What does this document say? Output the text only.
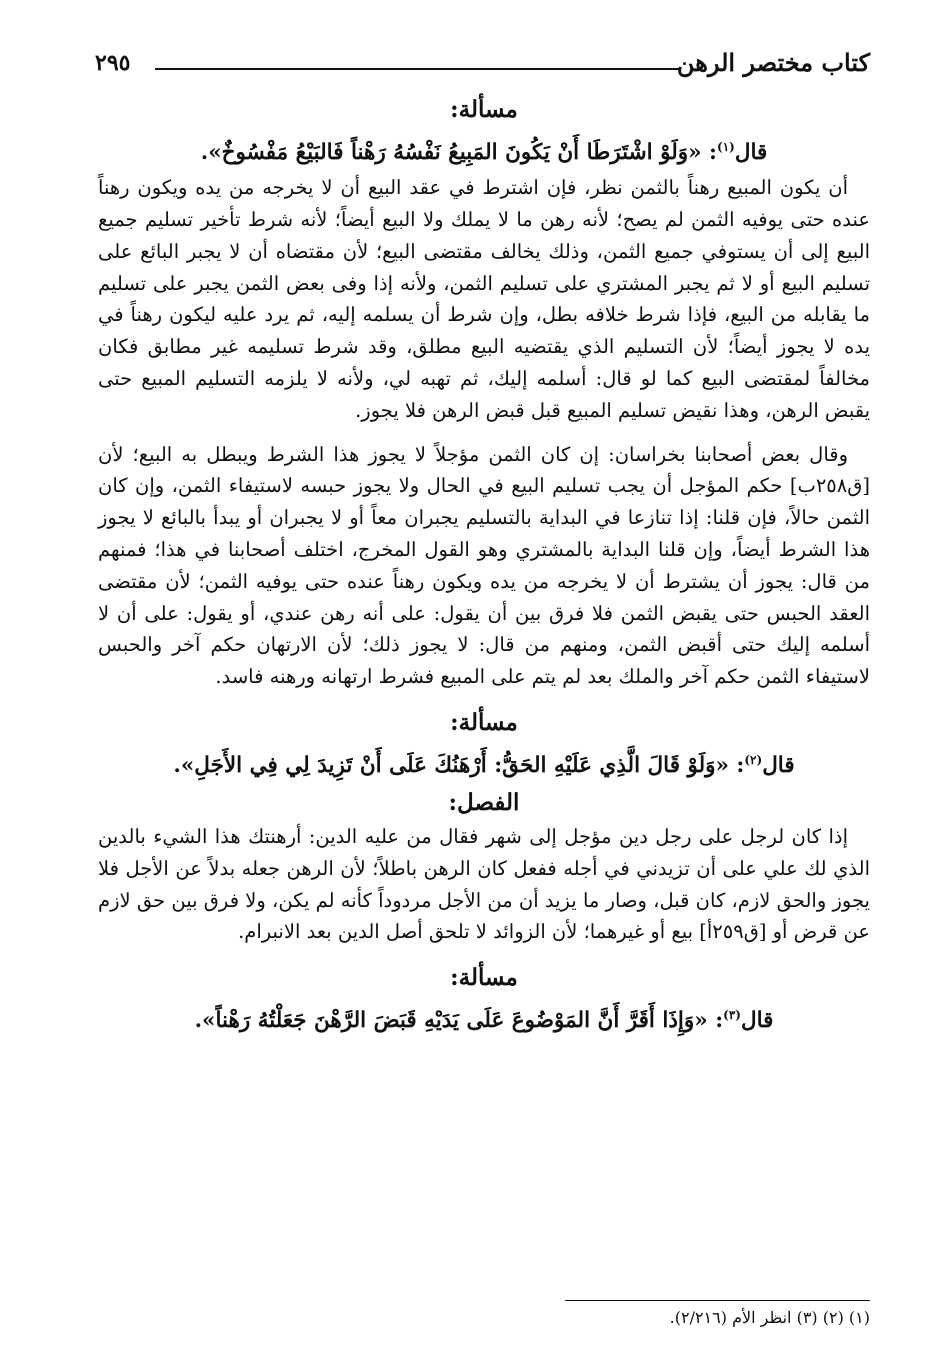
كتاب مختصر الرهن
٢٩٥
مسألة:
قال$^{(١)}$: «وَلَوْ اشْتَرَطَا أَنْ يَكُونَ المَبِيعُ نَفْسُهُ رَهْناً فَالبَيْعُ مَفْسُوخٌ».

أن يكون المبيع رهناً بالثمن نظر، فإن اشترط في عقد البيع أن لا يخرجه من يده ويكون رهناً عنده حتى يوفيه الثمن لم يصح؛ لأنه رهن ما لا يملك ولا البيع أيضاً؛ لأنه شرط تأخير تسليم جميع البيع إلى أن يستوفي جميع الثمن، وذلك يخالف مقتضى البيع؛ لأن مقتضاه أن لا يجبر البائع على تسليم البيع أو لا ثم يجبر المشتري على تسليم الثمن، ولأنه إذا وفى بعض الثمن يجبر على تسليم ما يقابله من البيع، فإذا شرط خلافه بطل، وإن شرط أن يسلمه إليه، ثم يرد عليه ليكون رهناً في يده لا يجوز أيضاً؛ لأن التسليم الذي يقتضيه البيع مطلق، وقد شرط تسليمه غير مطابق فكان مخالفاً لمقتضى البيع كما لو قال: أسلمه إليك، ثم تهبه لي، ولأنه لا يلزمه التسليم المبيع حتى يقبض الرهن، وهذا نقيض تسليم المبيع قبل قبض الرهن فلا يجوز.

وقال بعض أصحابنا بخراسان: إن كان الثمن مؤجلاً لا يجوز هذا الشرط ويبطل به البيع؛ لأن [ق٢٥٨ب] حكم المؤجل أن يجب تسليم البيع في الحال ولا يجوز حبسه لاستيفاء الثمن، وإن كان الثمن حالاً، فإن قلنا: إذا تنازعا في البداية بالتسليم يجبران معاً أو لا يجبران أو يبدأ بالبائع لا يجوز هذا الشرط أيضاً، وإن قلنا البداية بالمشتري وهو القول المخرج، اختلف أصحابنا في هذا؛ فمنهم من قال: يجوز أن يشترط أن لا يخرجه من يده ويكون رهناً عنده حتى يوفيه الثمن؛ لأن مقتضى العقد الحبس حتى يقبض الثمن فلا فرق بين أن يقول: على أنه رهن عندي، أو يقول: على أن لا أسلمه إليك حتى أقبض الثمن، ومنهم من قال: لا يجوز ذلك؛ لأن الارتهان حكم آخر والحبس لاستيفاء الثمن حكم آخر والملك بعد لم يتم على المبيع فشرط ارتهانه ورهنه فاسد.

مسألة:
قال$^{(٢)}$: «وَلَوْ قَالَ الَّذِي عَلَيْهِ الحَقُّ: أَرْهَنُكَ عَلَى أَنْ تَزِيدَ لِي فِي الأَجَلِ».
الفصل:

إذا كان لرجل على رجل دين مؤجل إلى شهر فقال من عليه الدين: أرهنتك هذا الشيء بالدين الذي لك علي على أن تزيدني في أجله ففعل كان الرهن باطلاً؛ لأن الرهن جعله بدلاً عن الأجل فلا يجوز والحق لازم، كان قبل، وصار ما يزيد أن من الأجل مردوداً كأنه لم يكن، ولا فرق بين حق لازم عن قرض أو [ق٢٥٩أ] بيع أو غيرهما؛ لأن الزوائد لا تلحق أصل الدين بعد الانبرام.

مسألة:
قال$^{(٣)}$: «وَإِذَا أَقَرَّ أَنَّ المَوْضُوعَ عَلَى يَدَيْهِ قَبَضَ الرَّهْنَ جَعَلْتُهُ رَهْناً».
(١) (٢) (٣) انظر الأم (٢/٢١٦).
